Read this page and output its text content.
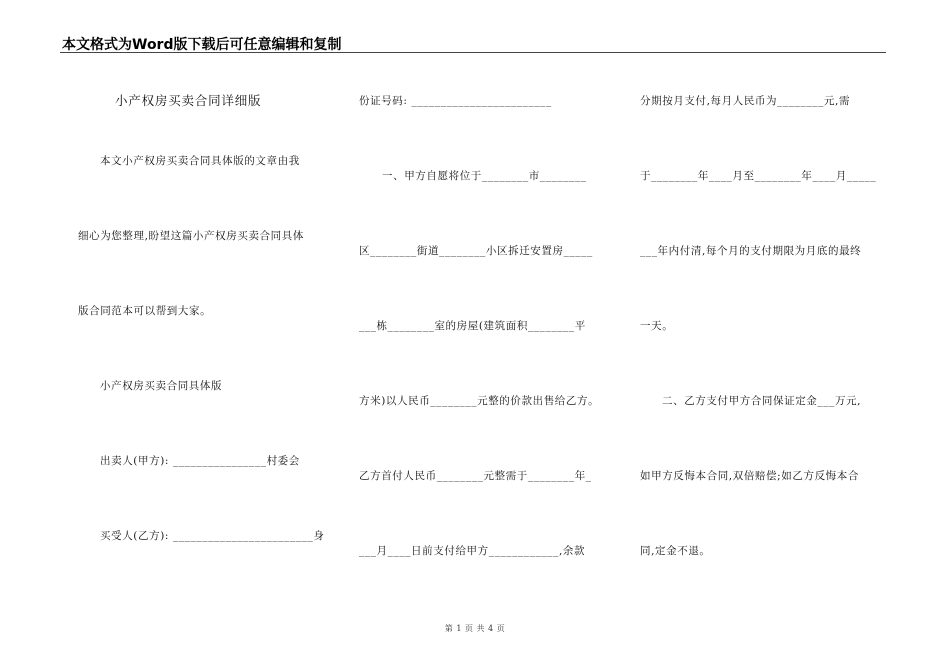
本文格式为Word版下载后可任意编辑和复制
小产权房买卖合同详细版
本文小产权房买卖合同具体版的文章由我
细心为您整理,盼望这篇小产权房买卖合同具体
版合同范本可以帮到大家。
小产权房买卖合同具体版
出卖人(甲方): ________________村委会
买受人(乙方): ________________________身
份证号码: ________________________
一、甲方自愿将位于________市________
区________街道________小区拆迁安置房_____
___栋________室的房屋(建筑面积________平
方米)以人民币________元整的价款出售给乙方。
乙方首付人民币________元整需于________年_
___月____日前支付给甲方____________,余款
分期按月支付,每月人民币为________元,需
于________年____月至________年____月_____
___年内付清,每个月的支付期限为月底的最终
一天。
二、乙方支付甲方合同保证定金___万元,
如甲方反悔本合同,双倍赔偿;如乙方反悔本合
同,定金不退。
第 1 页 共 4 页
